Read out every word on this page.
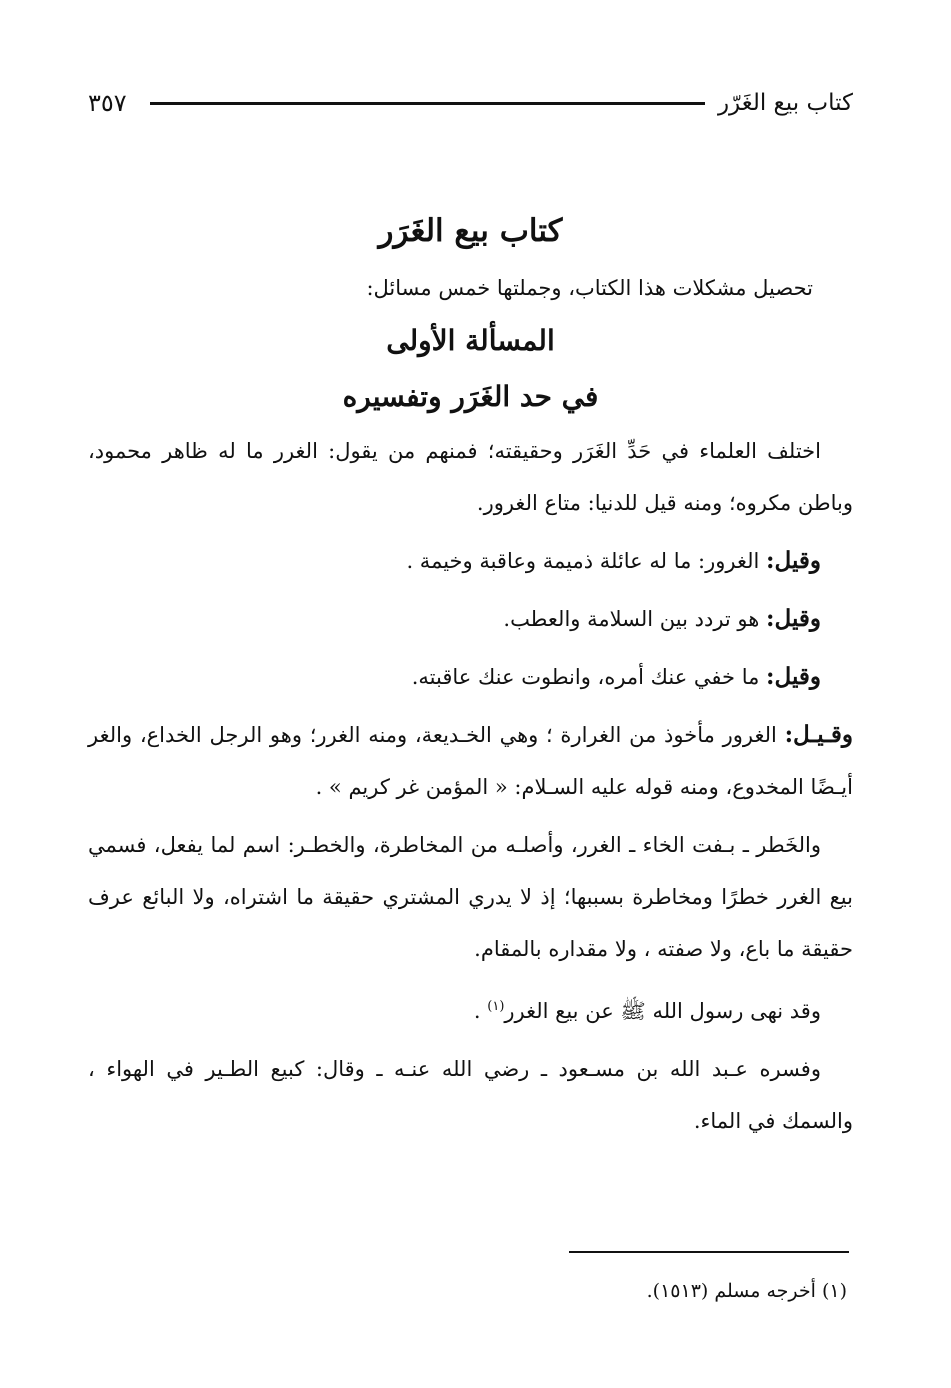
كتاب بيع الغَرّر
٣٥٧
كتاب بيع الغَرَر

تحصيل مشكلات هذا الكتاب، وجملتها خمس مسائل:

المسألة الأولى
في حد الغَرَر وتفسيره

اختلف العلماء في حَدِّ الغَرَر وحقيقته؛ فمنهم من يقول: الغرر ما له ظاهر محمود، وباطن مكروه؛ ومنه قيل للدنيا: متاع الغرور.

وقيل: الغرور: ما له عائلة ذميمة وعاقبة وخيمة .

وقيل: هو تردد بين السلامة والعطب.

وقيل: ما خفي عنك أمره، وانطوت عنك عاقبته.

وقـيـل: الغرور مأخوذ من الغرارة ؛ وهي الخـديعة، ومنه الغرر؛ وهو الرجل الخداع، والغر أيـضًا المخدوع، ومنه قوله عليه السـلام: « المؤمن غر كريم » .

والخَطر ـ بـفت الخاء ـ الغرر، وأصلـه من المخاطرة، والخطـر: اسم لما يفعل، فسمي بيع الغرر خطرًا ومخاطرة بسببها؛ إذ لا يدري المشتري حقيقة ما اشتراه، ولا البائع عرف حقيقة ما باع، ولا صفته ، ولا مقداره بالمقام.

وقد نهى رسول الله ﷺ عن بيع الغرر$^{(١)}$ .

وفسره عـبد الله بن مسـعود ـ رضي الله عنـه ـ وقال: كبيع الطـير في الهواء ، والسمك في الماء.

(١) أخرجه مسلم (١٥١٣).
